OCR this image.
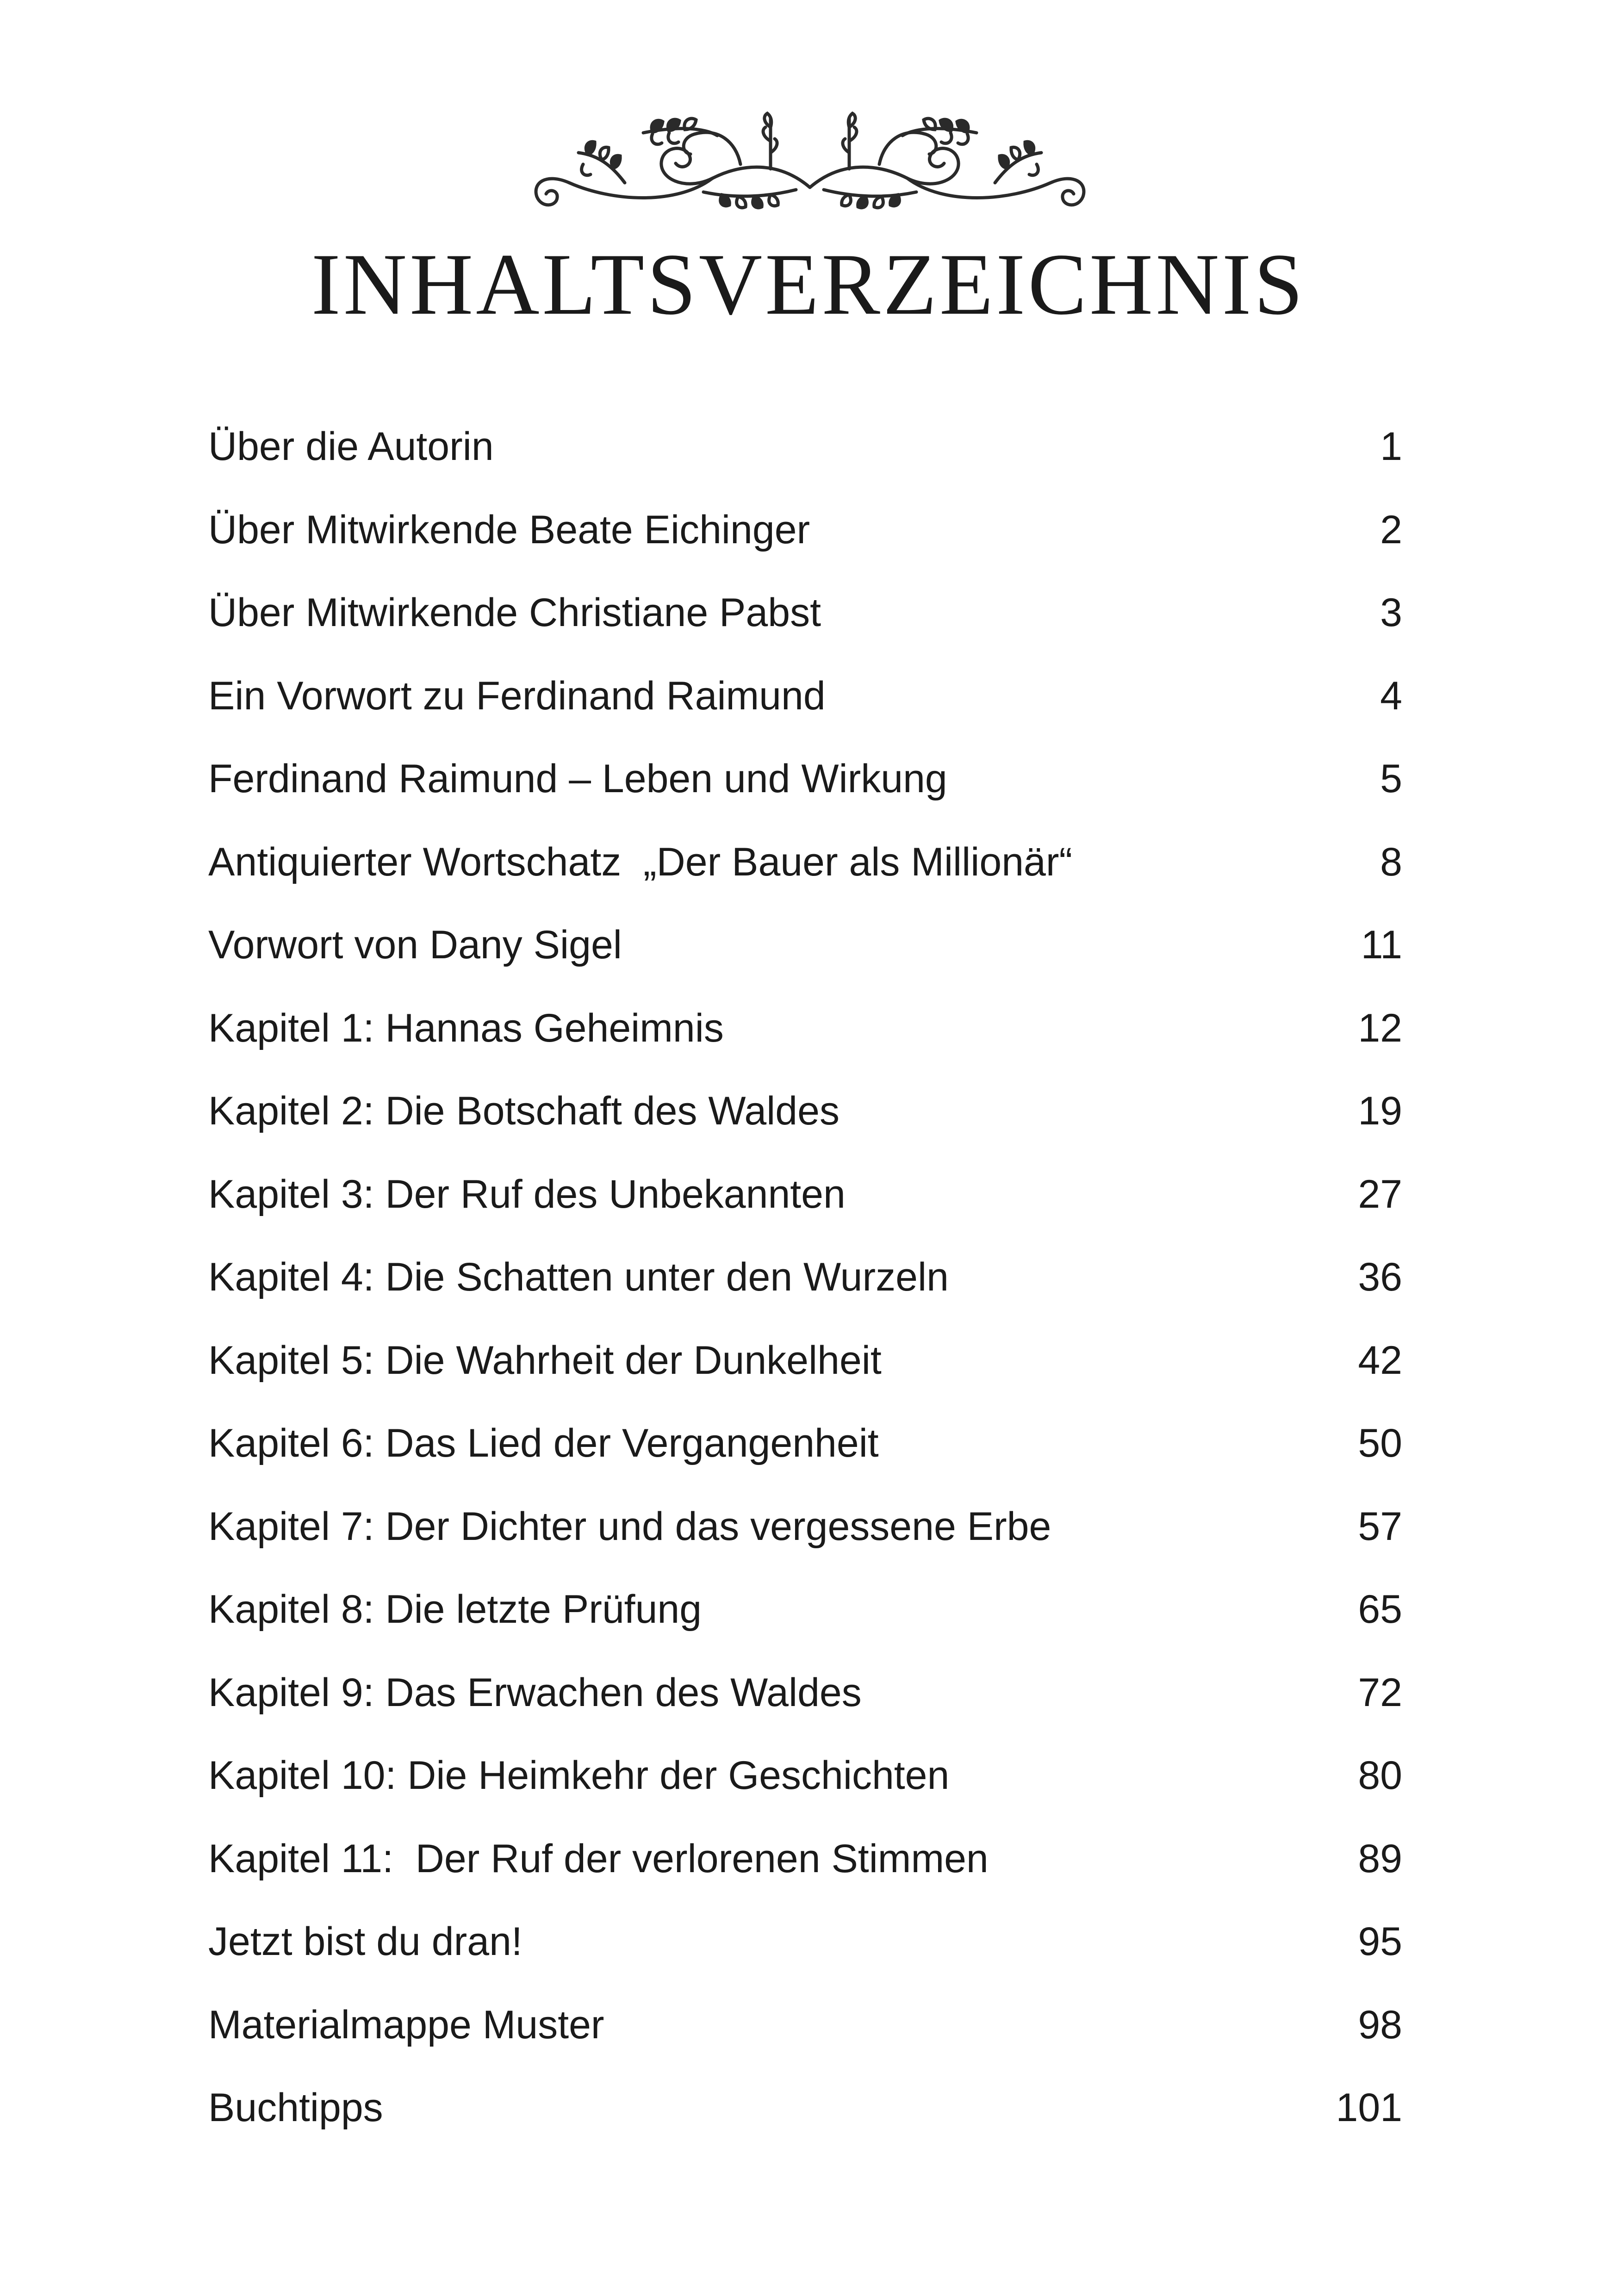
INHALTSVERZEICHNIS
Über die Autorin	1
Über Mitwirkende Beate Eichinger	2
Über Mitwirkende Christiane Pabst	3
Ein Vorwort zu Ferdinand Raimund	4
Ferdinand Raimund – Leben und Wirkung	5
Antiquierter Wortschatz  „Der Bauer als Millionär“	8
Vorwort von Dany Sigel	11
Kapitel 1: Hannas Geheimnis	12
Kapitel 2: Die Botschaft des Waldes	19
Kapitel 3: Der Ruf des Unbekannten	27
Kapitel 4: Die Schatten unter den Wurzeln	36
Kapitel 5: Die Wahrheit der Dunkelheit	42
Kapitel 6: Das Lied der Vergangenheit	50
Kapitel 7: Der Dichter und das vergessene Erbe	57
Kapitel 8: Die letzte Prüfung	65
Kapitel 9: Das Erwachen des Waldes	72
Kapitel 10: Die Heimkehr der Geschichten	80
Kapitel 11:  Der Ruf der verlorenen Stimmen	89
Jetzt bist du dran!	95
Materialmappe Muster	98
Buchtipps	101
